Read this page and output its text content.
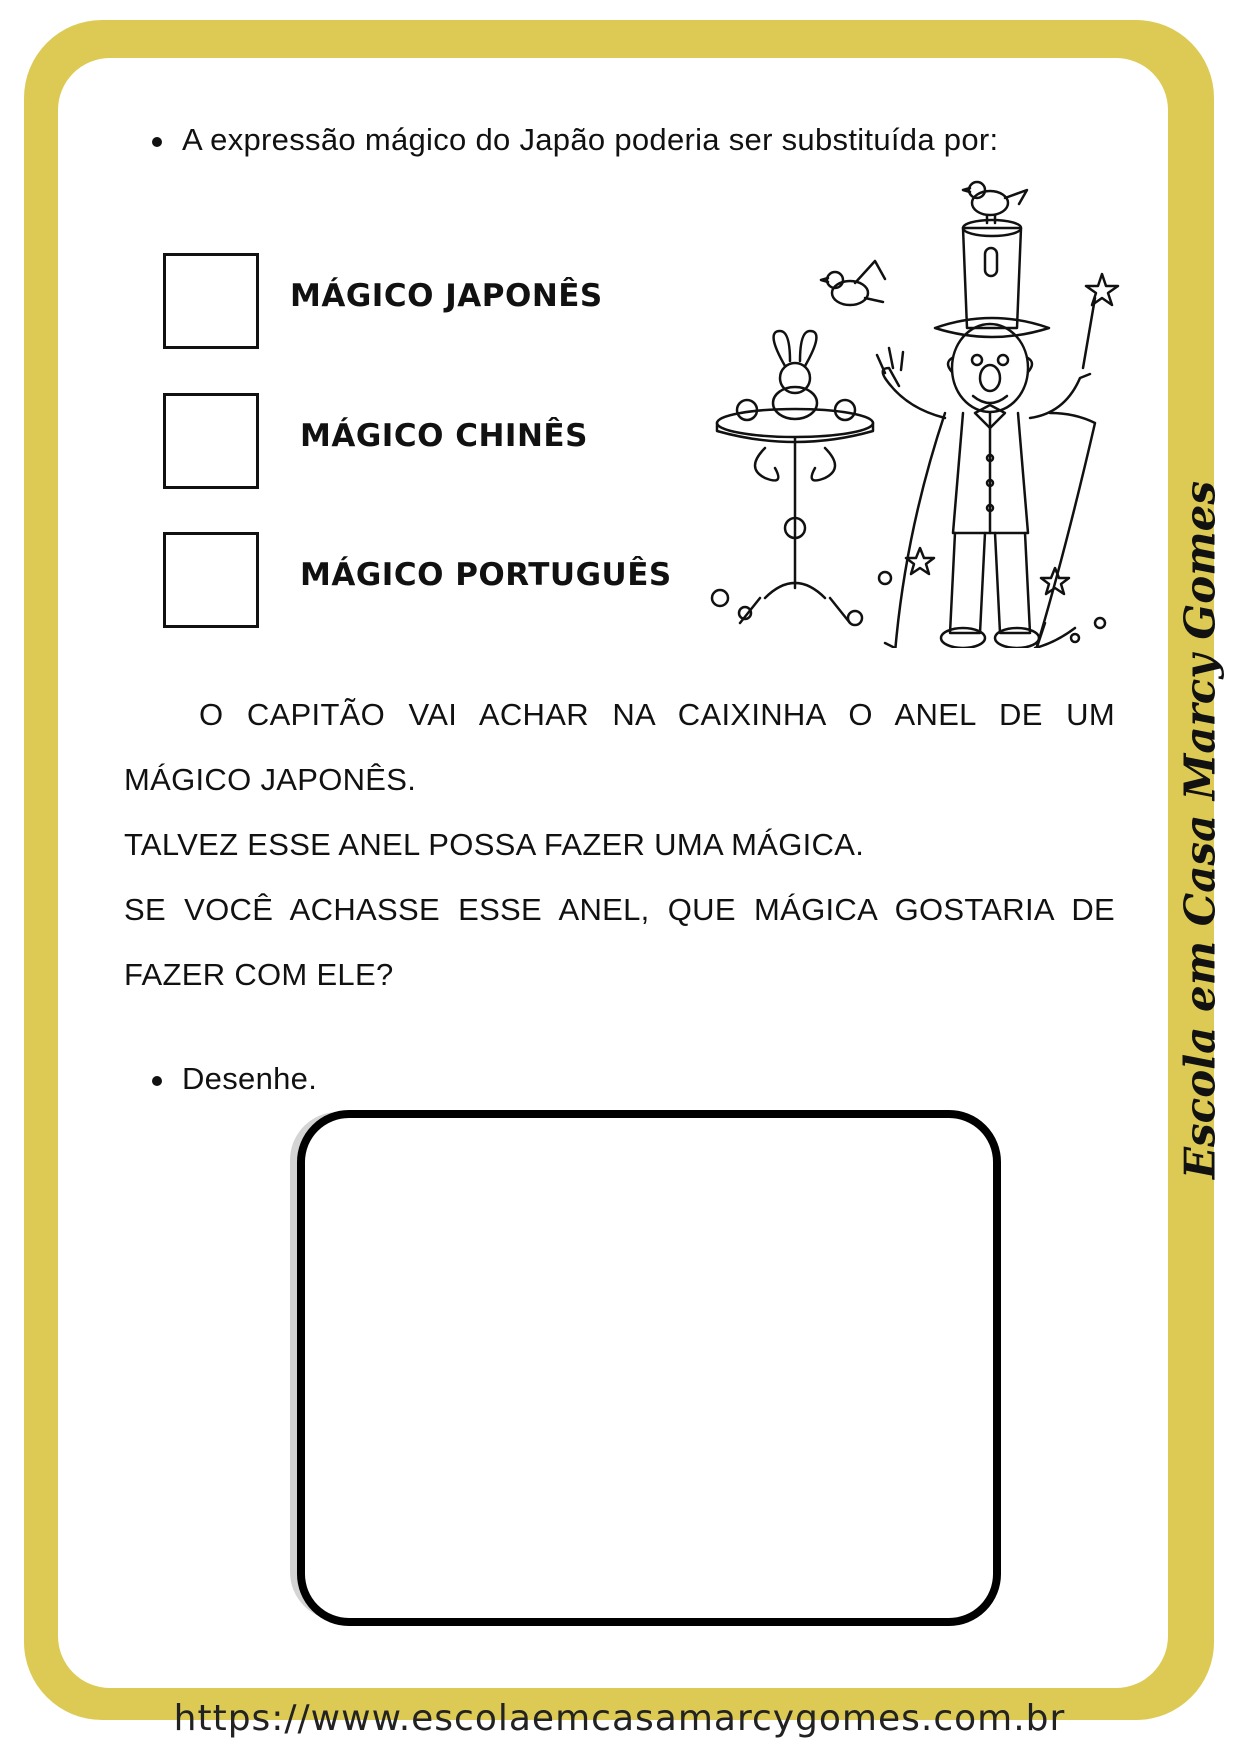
A expressão mágico do Japão poderia ser substituída por:
MÁGICO JAPONÊS
MÁGICO CHINÊS
MÁGICO PORTUGUÊS

O CAPITÃO VAI ACHAR NA CAIXINHA O ANEL DE UM MÁGICO JAPONÊS.

TALVEZ ESSE ANEL POSSA FAZER UMA MÁGICA.

SE VOCÊ ACHASSE ESSE ANEL, QUE MÁGICA GOSTARIA DE FAZER COM ELE?

Desenhe.	Escola em Casa Marcy Gomes
https://www.escolaemcasamarcygomes.com.br
